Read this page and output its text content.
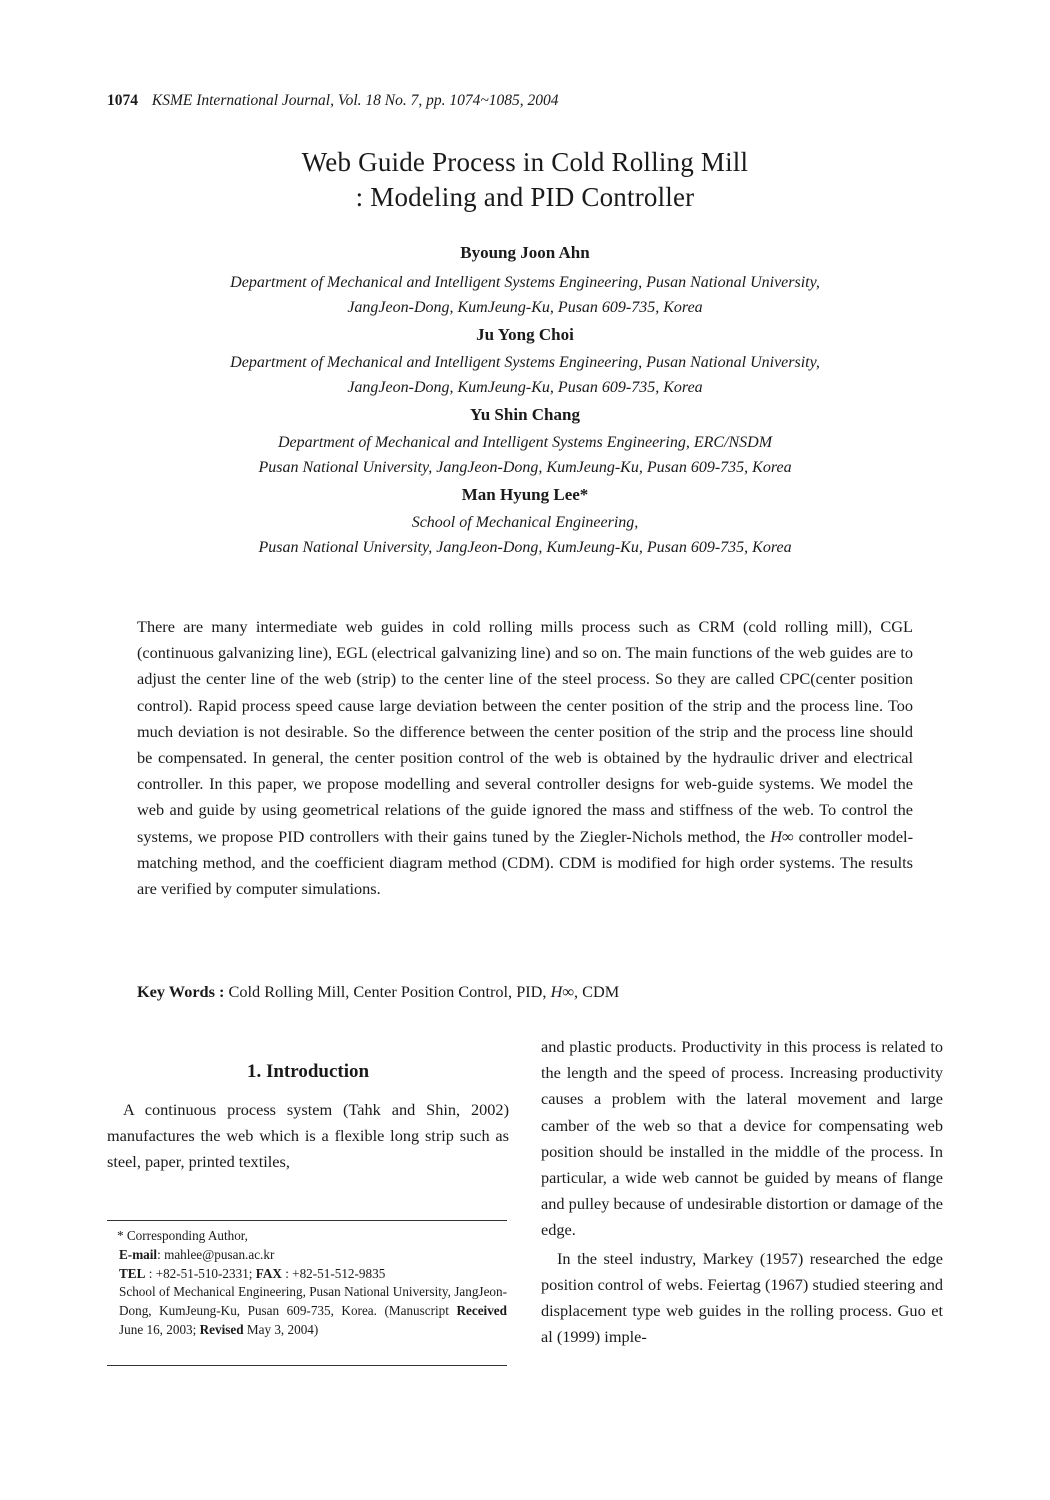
1074 KSME International Journal, Vol. 18 No. 7, pp. 1074~1085, 2004
Web Guide Process in Cold Rolling Mill
: Modeling and PID Controller
Byoung Joon Ahn
Department of Mechanical and Intelligent Systems Engineering, Pusan National University,
JangJeon-Dong, KumJeung-Ku, Pusan 609-735, Korea
Ju Yong Choi
Department of Mechanical and Intelligent Systems Engineering, Pusan National University,
JangJeon-Dong, KumJeung-Ku, Pusan 609-735, Korea
Yu Shin Chang
Department of Mechanical and Intelligent Systems Engineering, ERC/NSDM
Pusan National University, JangJeon-Dong, KumJeung-Ku, Pusan 609-735, Korea
Man Hyung Lee*
School of Mechanical Engineering,
Pusan National University, JangJeon-Dong, KumJeung-Ku, Pusan 609-735, Korea

There are many intermediate web guides in cold rolling mills process such as CRM (cold rolling mill), CGL (continuous galvanizing line), EGL (electrical galvanizing line) and so on. The main functions of the web guides are to adjust the center line of the web (strip) to the center line of the steel process. So they are called CPC(center position control). Rapid process speed cause large deviation between the center position of the strip and the process line. Too much deviation is not desirable. So the difference between the center position of the strip and the process line should be compensated. In general, the center position control of the web is obtained by the hydraulic driver and electrical controller. In this paper, we propose modelling and several controller designs for web-guide systems. We model the web and guide by using geometrical relations of the guide ignored the mass and stiffness of the web. To control the systems, we propose PID controllers with their gains tuned by the Ziegler-Nichols method, the H∞ controller model-matching method, and the coefficient diagram method (CDM). CDM is modified for high order systems. The results are verified by computer simulations.

Key Words : Cold Rolling Mill, Center Position Control, PID, H∞, CDM
1. Introduction

A continuous process system (Tahk and Shin, 2002) manufactures the web which is a flexible long strip such as steel, paper, printed textiles,

* Corresponding Author,
E-mail: mahlee@pusan.ac.kr
TEL : +82-51-510-2331; FAX : +82-51-512-9835
School of Mechanical Engineering, Pusan National University, JangJeon-Dong, KumJeung-Ku, Pusan 609-735, Korea. (Manuscript Received June 16, 2003; Revised May 3, 2004)

and plastic products. Productivity in this process is related to the length and the speed of process. Increasing productivity causes a problem with the lateral movement and large camber of the web so that a device for compensating web position should be installed in the middle of the process. In particular, a wide web cannot be guided by means of flange and pulley because of undesirable distortion or damage of the edge.

In the steel industry, Markey (1957) researched the edge position control of webs. Feiertag (1967) studied steering and displacement type web guides in the rolling process. Guo et al (1999) imple-
